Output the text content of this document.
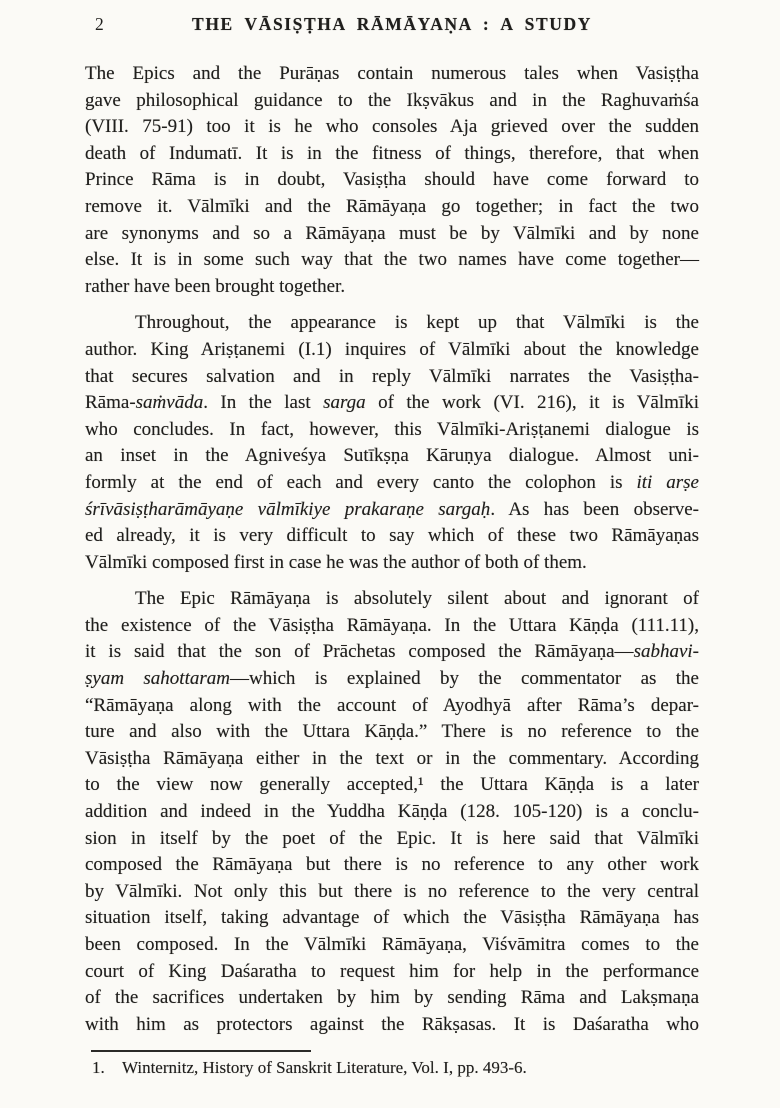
2	THE VĀSIṢṬHA RĀMĀYAṆA : A STUDY
The Epics and the Purāṇas contain numerous tales when Vasiṣṭha
gave philosophical guidance to the Ikṣvākus and in the Raghuvaṁśa
(VIII. 75-91) too it is he who consoles Aja grieved over the sudden
death of Indumatī. It is in the fitness of things, therefore, that when
Prince Rāma is in doubt, Vasiṣṭha should have come forward to
remove it. Vālmīki and the Rāmāyaṇa go together; in fact the two
are synonyms and so a Rāmāyaṇa must be by Vālmīki and by none
else. It is in some such way that the two names have come together—
rather have been brought together.
Throughout, the appearance is kept up that Vālmīki is the
author. King Ariṣṭanemi (I.1) inquires of Vālmīki about the knowledge
that secures salvation and in reply Vālmīki narrates the Vasiṣṭha-
Rāma-saṁvāda. In the last sarga of the work (VI. 216), it is Vālmīki
who concludes. In fact, however, this Vālmīki-Ariṣṭanemi dialogue is
an inset in the Agniveśya Sutīkṣṇa Kāruṇya dialogue. Almost uni-
formly at the end of each and every canto the colophon is iti arṣe
śrīvāsiṣṭharāmāyaṇe vālmīkiye prakaraṇe sargaḥ. As has been observe-
ed already, it is very difficult to say which of these two Rāmāyaṇas
Vālmīki composed first in case he was the author of both of them.
The Epic Rāmāyaṇa is absolutely silent about and ignorant of
the existence of the Vāsiṣṭha Rāmāyaṇa. In the Uttara Kāṇḍa (111.11),
it is said that the son of Prāchetas composed the Rāmāyaṇa—sabhavi-
ṣyam sahottaram—which is explained by the commentator as the
“Rāmāyaṇa along with the account of Ayodhyā after Rāma’s depar-
ture and also with the Uttara Kāṇḍa.” There is no reference to the
Vāsiṣṭha Rāmāyaṇa either in the text or in the commentary. According
to the view now generally accepted,¹ the Uttara Kāṇḍa is a later
addition and indeed in the Yuddha Kāṇḍa (128. 105-120) is a conclu-
sion in itself by the poet of the Epic. It is here said that Vālmīki
composed the Rāmāyaṇa but there is no reference to any other work
by Vālmīki. Not only this but there is no reference to the very central
situation itself, taking advantage of which the Vāsiṣṭha Rāmāyaṇa has
been composed. In the Vālmīki Rāmāyaṇa, Viśvāmitra comes to the
court of King Daśaratha to request him for help in the performance
of the sacrifices undertaken by him by sending Rāma and Lakṣmaṇa
with him as protectors against the Rākṣasas. It is Daśaratha who
1. Winternitz, History of Sanskrit Literature, Vol. I, pp. 493-6.
